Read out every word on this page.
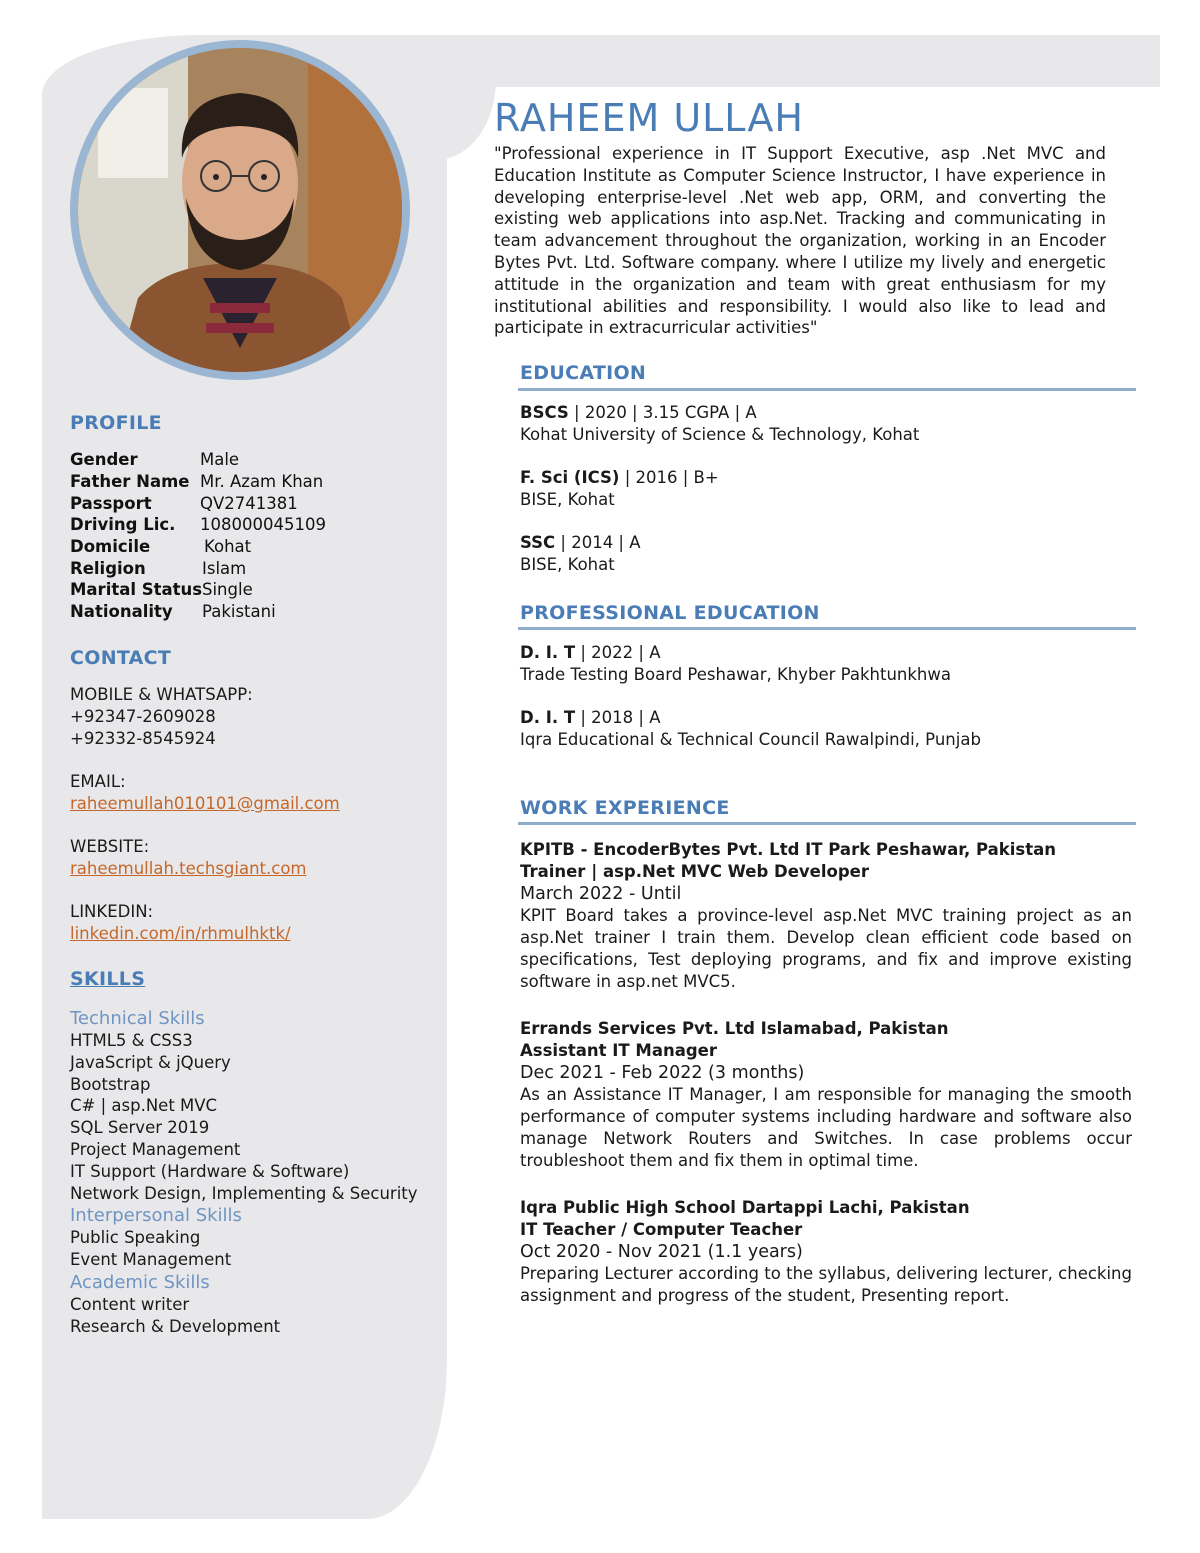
RAHEEM ULLAH
"Professional experience in IT Support Executive, asp .Net MVC and Education Institute as Computer Science Instructor, I have experience in developing enterprise-level .Net web app, ORM, and converting the existing web applications into asp.Net. Tracking and communicating in team advancement throughout the organization, working in an Encoder Bytes Pvt. Ltd. Software company. where I utilize my lively and energetic attitude in the organization and team with great enthusiasm for my institutional abilities and responsibility. I would also like to lead and participate in extracurricular activities"
PROFILE
Gender	Male
Father Name Mr. Azam Khan
Passport	QV2741381
Driving Lic. 108000045109
Domicile	Kohat
Religion	Islam
Marital Status Single
Nationality Pakistani
CONTACT
MOBILE & WHATSAPP:
+92347-2609028
+92332-8545924
EMAIL:
raheemullah010101@gmail.com
WEBSITE:
raheemullah.techsgiant.com
LINKEDIN:
linkedin.com/in/rhmulhktk/
SKILLS
Technical Skills
HTML5 & CSS3
JavaScript & jQuery
Bootstrap
C# | asp.Net MVC
SQL Server 2019
Project Management
IT Support (Hardware & Software)
Network Design, Implementing & Security
Interpersonal Skills
Public Speaking
Event Management
Academic Skills
Content writer
Research & Development
EDUCATION
BSCS | 2020 | 3.15 CGPA | A
Kohat University of Science & Technology, Kohat
F. Sci (ICS) | 2016 | B+
BISE, Kohat
SSC | 2014 | A
BISE, Kohat
PROFESSIONAL EDUCATION
D. I. T | 2022 | A
Trade Testing Board Peshawar, Khyber Pakhtunkhwa
D. I. T | 2018 | A
Iqra Educational & Technical Council Rawalpindi, Punjab
WORK EXPERIENCE
KPITB - EncoderBytes Pvt. Ltd IT Park Peshawar, Pakistan
Trainer | asp.Net MVC Web Developer
March 2022 - Until
KPIT Board takes a province-level asp.Net MVC training project as an asp.Net trainer I train them. Develop clean efficient code based on specifications, Test deploying programs, and fix and improve existing software in asp.net MVC5.
Errands Services Pvt. Ltd Islamabad, Pakistan
Assistant IT Manager
Dec 2021 - Feb 2022 (3 months)
As an Assistance IT Manager, I am responsible for managing the smooth performance of computer systems including hardware and software also manage Network Routers and Switches. In case problems occur troubleshoot them and fix them in optimal time.
Iqra Public High School Dartappi Lachi, Pakistan
IT Teacher / Computer Teacher
Oct 2020 - Nov 2021 (1.1 years)
Preparing Lecturer according to the syllabus, delivering lecturer, checking assignment and progress of the student, Presenting report.
